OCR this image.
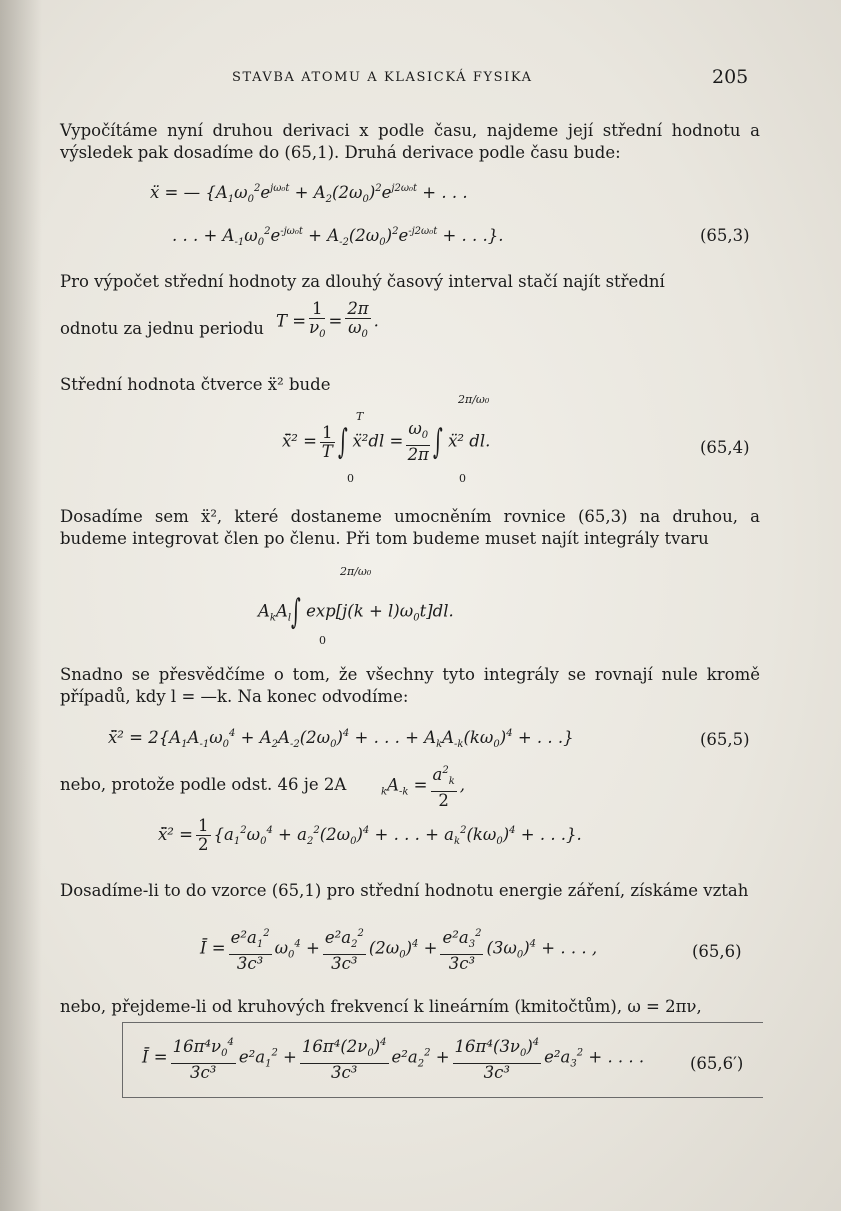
STAVBA ATOMU A KLASICKÁ FYSIKA	205
Vypočítáme nyní druhou derivaci x podle času, najdeme její střední hodnotu a výsledek pak dosadíme do (65,1). Druhá derivace podle času bude:
ẍ = — {$A_1\omega_0^2e^{j\omega_0t} + A_2(2\omega_0)^2e^{j2\omega_0t}$ + . . .
. . . + $A_{-1}\omega_0^2e^{-j\omega_0t} + A_{-2}(2\omega_0)^2e^{-j2\omega_0t}$ + . . .}.	(65,3)
Pro výpočet střední hodnoty za dlouhý časový interval stačí najít střední
odnotu za jednu periodu $T = \frac{1}{\nu_0} = \frac{2\pi}{\omega_0}$ .
Střední hodnota čtverce ẍ² bude
ẍ̄² = $\frac{1}{T}$ ∫ ẍ²dl = $\frac{\omega_0}{2\pi}$ ∫ ẍ² dl.
T
0
2π/ω₀
0
(65,4)
Dosadíme sem ẍ², které dostaneme umocněním rovnice (65,3) na druhou, a budeme integrovat člen po členu. Při tom budeme muset najít integrály tvaru
$A_kA_l\int$ $\exp[j(k + l)\omega_0t]dl$.
2π/ω₀
0
Snadno se přesvědčíme o tom, že všechny tyto integrály se rovnají nule kromě případů, kdy l = —k. Na konec odvodíme:
ẍ̄² = $2\{A_1A_{-1}\omega_0^4 + A_2A_{-2}(2\omega_0)^4$ + . . . + $A_kA_{-k}(k\omega_0)^4$ + . . .}	(65,5)
nebo, protože podle odst. 46 je 2A	$_kA_{-k} = \frac{a^2_k}{2}$ ,
ẍ̄² = $\frac{1}{2} \{a_1^2\omega_0^4 + a_2^2(2\omega_0)^4$ + . . . + $a_k^2(k\omega_0)^4$ + . . .}.
Dosadíme-li to do vzorce (65,1) pro střední hodnotu energie záření, získáme vztah
Ī = $\frac{e^2a_1^2}{\text{3c³}} \omega_0^4 + \frac{e^2a_2^2}{\text{3c³}} (2\omega_0)^4 + \frac{e^2a_3^2}{\text{3c³}} (3\omega_0)^4$ + . . . ,	(65,6)
nebo, přejdeme-li od kruhových frekvencí k lineárním (kmitočtům), ω = 2πν,
Ī = $\frac{16\pi^4\nu_0^4}{\text{3c³}} e^2a_1^2 + \frac{16\pi^4(2\nu_0)^4}{\text{3c³}} e^2a_2^2 + \frac{16\pi^4(3\nu_0)^4}{\text{3c³}} e^2a_3^2$ + . . . .	(65,6′)
